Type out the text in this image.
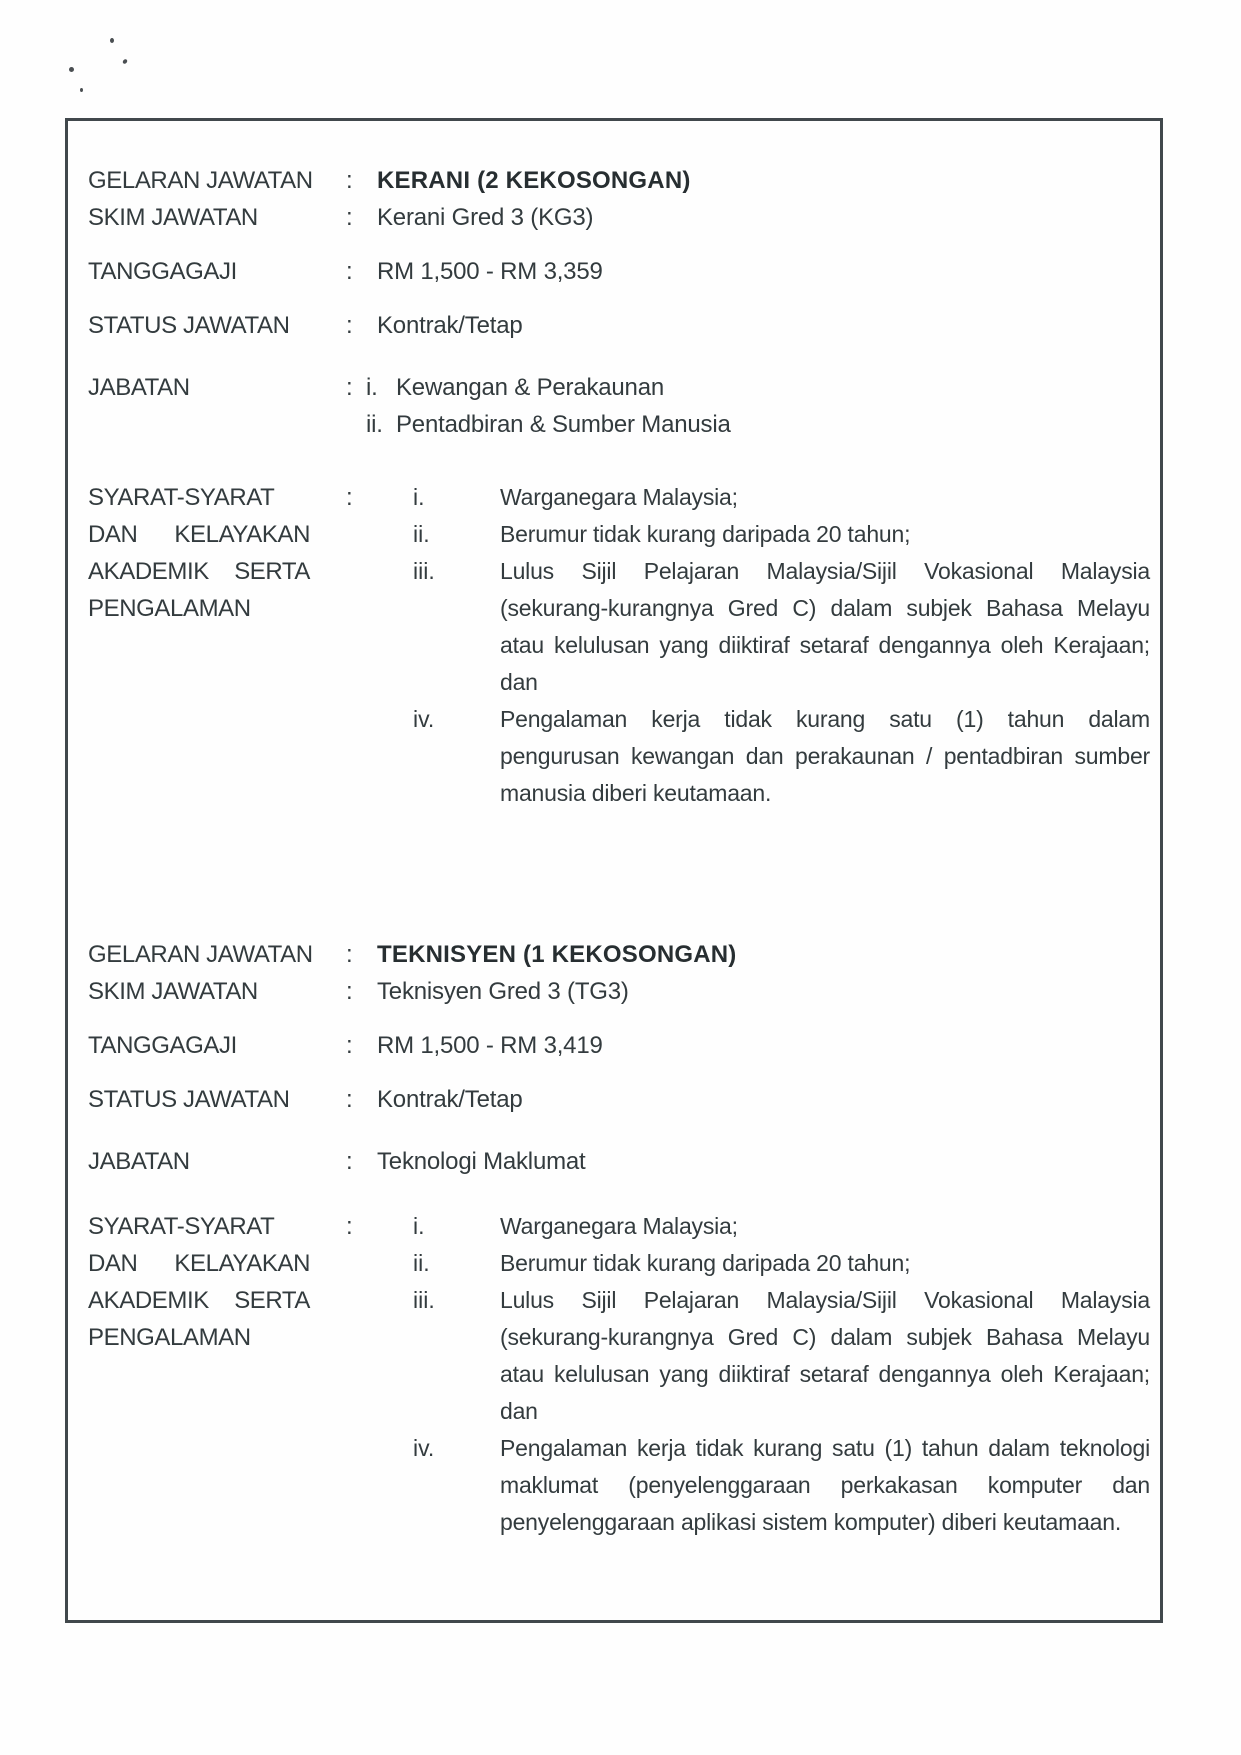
GELARAN JAWATAN : KERANI (2 KEKOSONGAN)
SKIM JAWATAN	: Kerani Gred 3 (KG3)
TANGGAGAJI	: RM 1,500 - RM 3,359
STATUS JAWATAN : Kontrak/Tetap
JABATAN	: i. Kewangan & Perakaunan
ii. Pentadbiran & Sumber Manusia
SYARAT-SYARAT
DAN KELAYAKAN
AKADEMIK SERTA
PENGALAMAN
:	i.	Warganegara Malaysia;
ii.	Berumur tidak kurang daripada 20 tahun;
iii.	Lulus Sijil Pelajaran Malaysia/Sijil Vokasional Malaysia (sekurang-kurangnya Gred C) dalam subjek Bahasa Melayu atau kelulusan yang diiktiraf setaraf dengannya oleh Kerajaan; dan
iv.	Pengalaman kerja tidak kurang satu (1) tahun dalam pengurusan kewangan dan perakaunan / pentadbiran sumber manusia diberi keutamaan.
GELARAN JAWATAN : TEKNISYEN (1 KEKOSONGAN)
SKIM JAWATAN	: Teknisyen Gred 3 (TG3)
TANGGAGAJI	: RM 1,500 - RM 3,419
STATUS JAWATAN : Kontrak/Tetap
JABATAN	: Teknologi Maklumat
SYARAT-SYARAT
DAN KELAYAKAN
AKADEMIK SERTA
PENGALAMAN
:	i.	Warganegara Malaysia;
ii.	Berumur tidak kurang daripada 20 tahun;
iii.	Lulus Sijil Pelajaran Malaysia/Sijil Vokasional Malaysia (sekurang-kurangnya Gred C) dalam subjek Bahasa Melayu atau kelulusan yang diiktiraf setaraf dengannya oleh Kerajaan; dan
iv.	Pengalaman kerja tidak kurang satu (1) tahun dalam teknologi maklumat (penyelenggaraan perkakasan komputer dan penyelenggaraan aplikasi sistem komputer) diberi keutamaan.
